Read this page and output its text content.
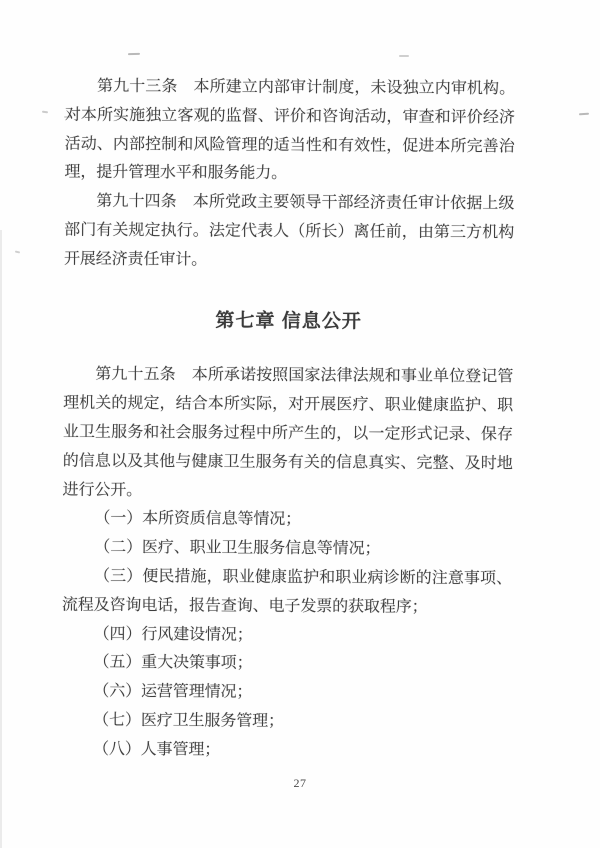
第九十三条　本所建立内部审计制度，未设独立内审机构。对本所实施独立客观的监督、评价和咨询活动，审查和评价经济活动、内部控制和风险管理的适当性和有效性，促进本所完善治理，提升管理水平和服务能力。

第九十四条　本所党政主要领导干部经济责任审计依据上级部门有关规定执行。法定代表人（所长）离任前，由第三方机构开展经济责任审计。

第七章 信息公开

第九十五条　本所承诺按照国家法律法规和事业单位登记管理机关的规定，结合本所实际，对开展医疗、职业健康监护、职业卫生服务和社会服务过程中所产生的，以一定形式记录、保存的信息以及其他与健康卫生服务有关的信息真实、完整、及时地进行公开。

（一）本所资质信息等情况；

（二）医疗、职业卫生服务信息等情况；

（三）便民措施，职业健康监护和职业病诊断的注意事项、流程及咨询电话，报告查询、电子发票的获取程序；

（四）行风建设情况；

（五）重大决策事项；

（六）运营管理情况；

（七）医疗卫生服务管理；

（八）人事管理；

27
